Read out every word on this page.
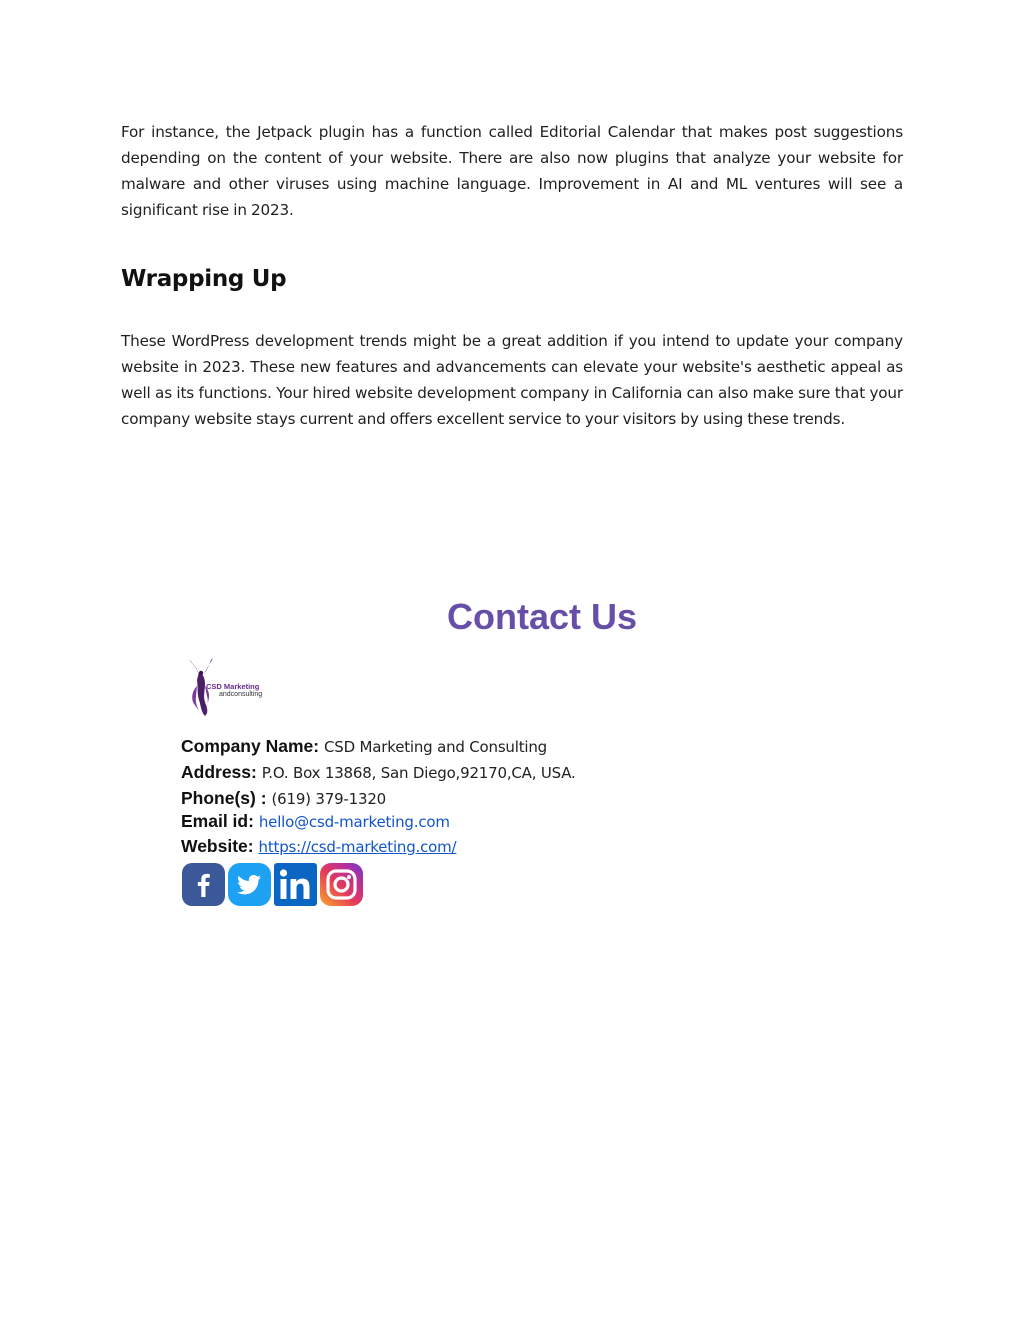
For instance, the Jetpack plugin has a function called Editorial Calendar that makes post suggestions depending on the content of your website. There are also now plugins that analyze your website for malware and other viruses using machine language. Improvement in AI and ML ventures will see a significant rise in 2023.

Wrapping Up

These WordPress development trends might be a great addition if you intend to update your company website in 2023. These new features and advancements can elevate your website's aesthetic appeal as well as its functions. Your hired website development company in California can also make sure that your company website stays current and offers excellent service to your visitors by using these trends.

Contact Us
CSD Marketing
andconsulting

Company Name: CSD Marketing and Consulting

Address: P.O. Box 13868, San Diego,92170,CA, USA.

Phone(s) : (619) 379-1320

Email id: hello@csd-marketing.com

Website: https://csd-marketing.com/
